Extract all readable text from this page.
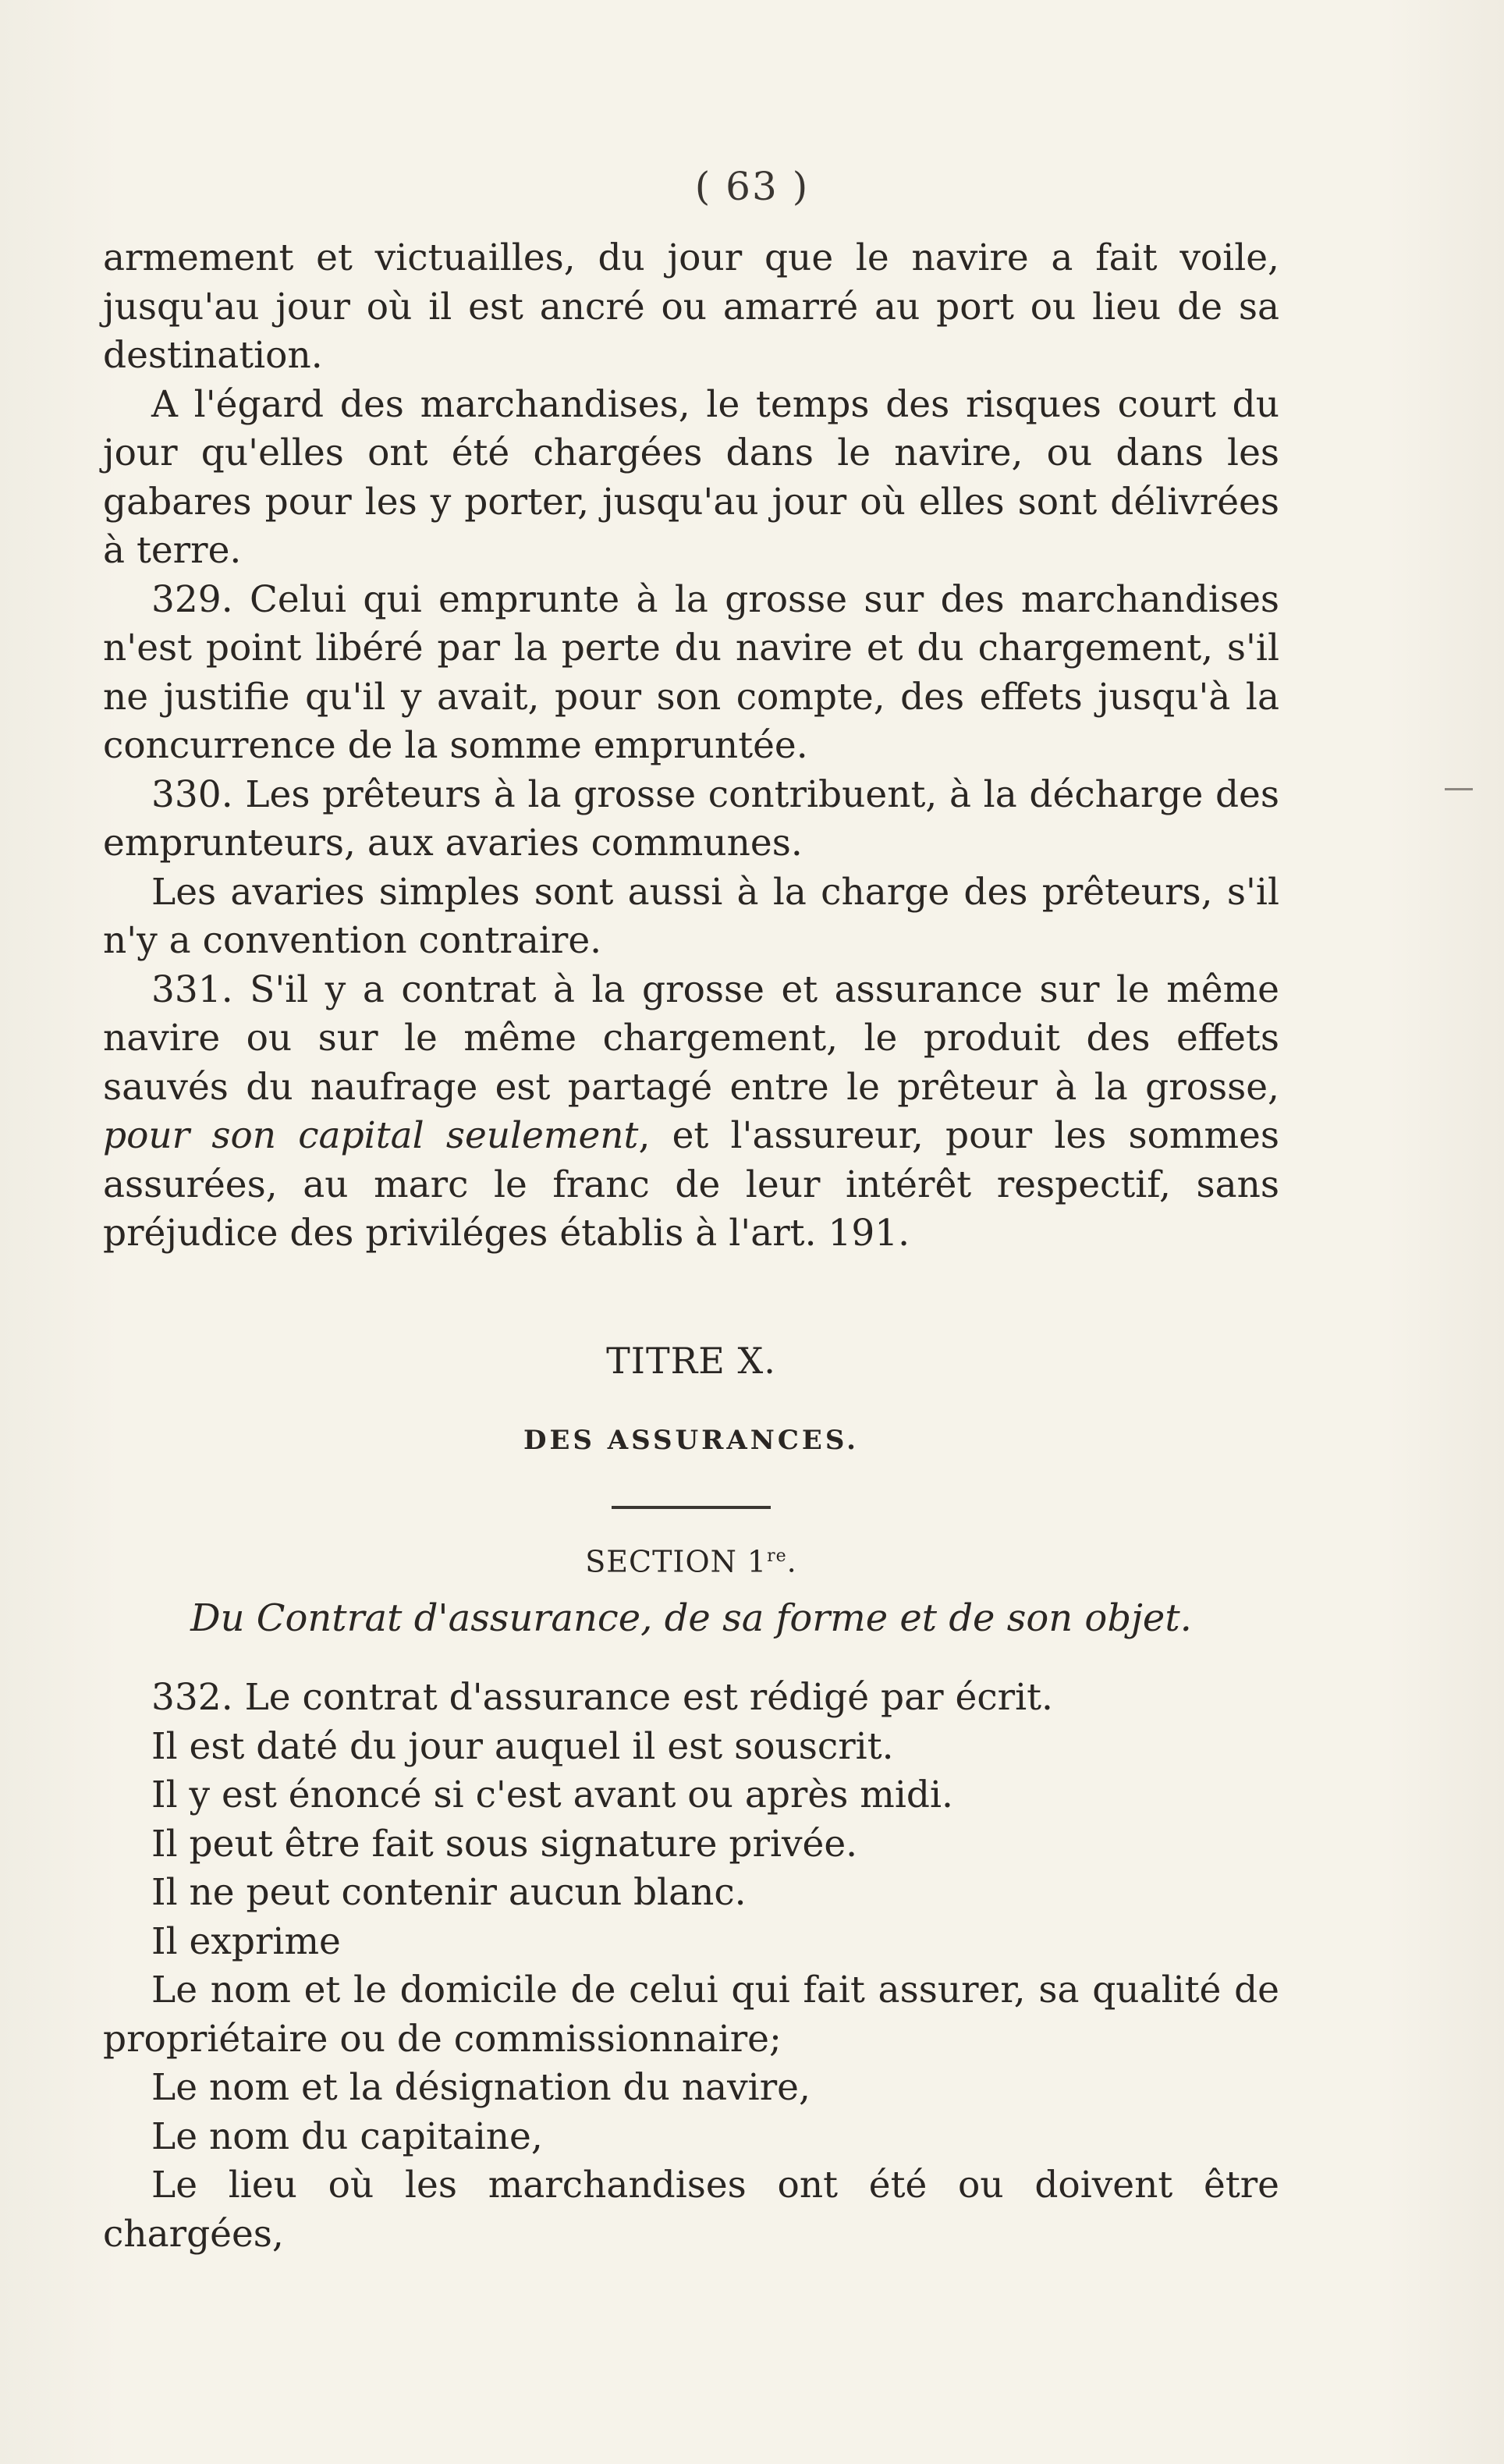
( 63 )

armement et victuailles, du jour que le navire a fait voile, jusqu'au jour où il est ancré ou amarré au port ou lieu de sa destination.

A l'égard des marchandises, le temps des risques court du jour qu'elles ont été chargées dans le navire, ou dans les gabares pour les y porter, jusqu'au jour où elles sont délivrées à terre.

329. Celui qui emprunte à la grosse sur des marchandises n'est point libéré par la perte du navire et du chargement, s'il ne justifie qu'il y avait, pour son compte, des effets jusqu'à la concurrence de la somme empruntée.

330. Les prêteurs à la grosse contribuent, à la décharge des emprunteurs, aux avaries communes.

Les avaries simples sont aussi à la charge des prêteurs, s'il n'y a convention contraire.

331. S'il y a contrat à la grosse et assurance sur le même navire ou sur le même chargement, le produit des effets sauvés du naufrage est partagé entre le prêteur à la grosse, pour son capital seulement, et l'assureur, pour les sommes assurées, au marc le franc de leur intérêt respectif, sans préjudice des priviléges établis à l'art. 191.

TITRE X.

DES ASSURANCES.

SECTION 1re.

Du Contrat d'assurance, de sa forme et de son objet.

332. Le contrat d'assurance est rédigé par écrit.

Il est daté du jour auquel il est souscrit.

Il y est énoncé si c'est avant ou après midi.

Il peut être fait sous signature privée.

Il ne peut contenir aucun blanc.

Il exprime

Le nom et le domicile de celui qui fait assurer, sa qualité de propriétaire ou de commissionnaire;

Le nom et la désignation du navire,

Le nom du capitaine,

Le lieu où les marchandises ont été ou doivent être chargées,
